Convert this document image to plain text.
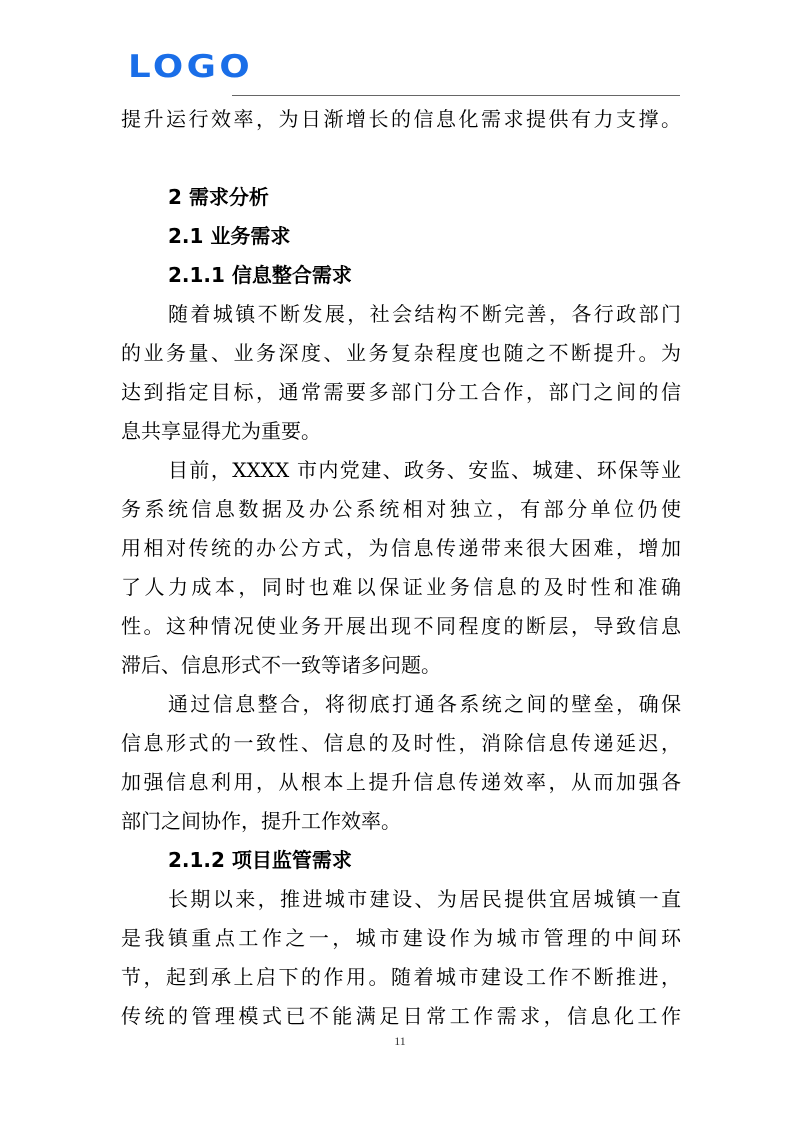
LOGO
提升运行效率，为日渐增长的信息化需求提供有力支撑。
2 需求分析
2.1 业务需求
2.1.1 信息整合需求
随着城镇不断发展，社会结构不断完善，各行政部门
的业务量、业务深度、业务复杂程度也随之不断提升。为
达到指定目标，通常需要多部门分工合作，部门之间的信
息共享显得尤为重要。
目前，XXXX 市内党建、政务、安监、城建、环保等业
务系统信息数据及办公系统相对独立，有部分单位仍使
用相对传统的办公方式，为信息传递带来很大困难，增加
了人力成本，同时也难以保证业务信息的及时性和准确
性。这种情况使业务开展出现不同程度的断层，导致信息
滞后、信息形式不一致等诸多问题。
通过信息整合，将彻底打通各系统之间的壁垒，确保
信息形式的一致性、信息的及时性，消除信息传递延迟，
加强信息利用，从根本上提升信息传递效率，从而加强各
部门之间协作，提升工作效率。
2.1.2 项目监管需求
长期以来，推进城市建设、为居民提供宜居城镇一直
是我镇重点工作之一，城市建设作为城市管理的中间环
节，起到承上启下的作用。随着城市建设工作不断推进，
传统的管理模式已不能满足日常工作需求，信息化工作
11
